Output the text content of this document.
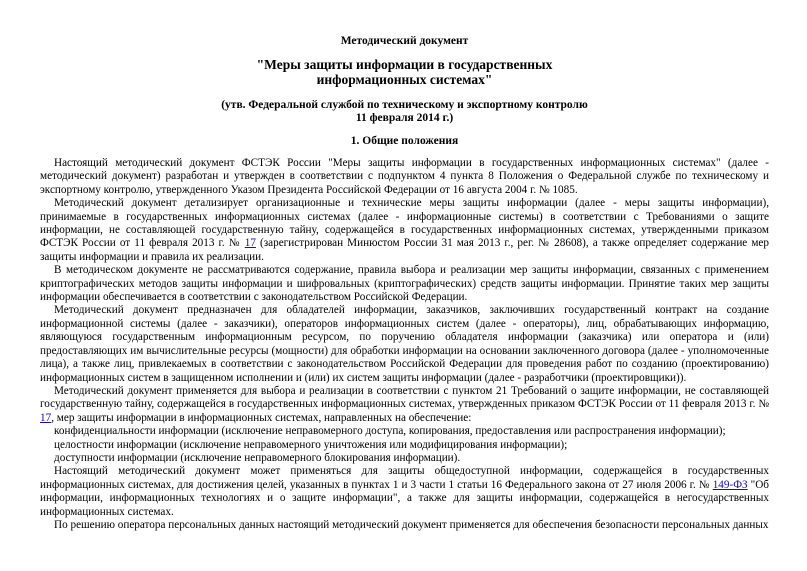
Методический документ
"Меры защиты информации в государственных
информационных системах"
(утв. Федеральной службой по техническому и экспортному контролю
11 февраля 2014 г.)
1. Общие положения

Настоящий методический документ ФСТЭК России "Меры защиты информации в государственных информационных системах" (далее - методический документ) разработан и утвержден в соответствии с подпунктом 4 пункта 8 Положения о Федеральной службе по техническому и экспортному контролю, утвержденного Указом Президента Российской Федерации от 16 августа 2004 г. № 1085.

Методический документ детализирует организационные и технические меры защиты информации (далее - меры защиты информации), принимаемые в государственных информационных системах (далее - информационные системы) в соответствии с Требованиями о защите информации, не составляющей государственную тайну, содержащейся в государственных информационных системах, утвержденными приказом ФСТЭК России от 11 февраля 2013 г. № 17 (зарегистрирован Минюстом России 31 мая 2013 г., рег. № 28608), а также определяет содержание мер защиты информации и правила их реализации.

В методическом документе не рассматриваются содержание, правила выбора и реализации мер защиты информации, связанных с применением криптографических методов защиты информации и шифровальных (криптографических) средств защиты информации. Принятие таких мер защиты информации обеспечивается в соответствии с законодательством Российской Федерации.

Методический документ предназначен для обладателей информации, заказчиков, заключивших государственный контракт на создание информационной системы (далее - заказчики), операторов информационных систем (далее - операторы), лиц, обрабатывающих информацию, являющуюся государственным информационным ресурсом, по поручению обладателя информации (заказчика) или оператора и (или) предоставляющих им вычислительные ресурсы (мощности) для обработки информации на основании заключенного договора (далее - уполномоченные лица), а также лиц, привлекаемых в соответствии с законодательством Российской Федерации для проведения работ по созданию (проектированию) информационных систем в защищенном исполнении и (или) их систем защиты информации (далее - разработчики (проектировщики)).

Методический документ применяется для выбора и реализации в соответствии с пунктом 21 Требований о защите информации, не составляющей государственную тайну, содержащейся в государственных информационных системах, утвержденных приказом ФСТЭК России от 11 февраля 2013 г. № 17, мер защиты информации в информационных системах, направленных на обеспечение:

конфиденциальности информации (исключение неправомерного доступа, копирования, предоставления или распространения информации);

целостности информации (исключение неправомерного уничтожения или модифицирования информации);

доступности информации (исключение неправомерного блокирования информации).

Настоящий методический документ может применяться для защиты общедоступной информации, содержащейся в государственных информационных системах, для достижения целей, указанных в пунктах 1 и 3 части 1 статьи 16 Федерального закона от 27 июля 2006 г. № 149-ФЗ "Об информации, информационных технологиях и о защите информации", а также для защиты информации, содержащейся в негосударственных информационных системах.

По решению оператора персональных данных настоящий методический документ применяется для обеспечения безопасности персональных данных
